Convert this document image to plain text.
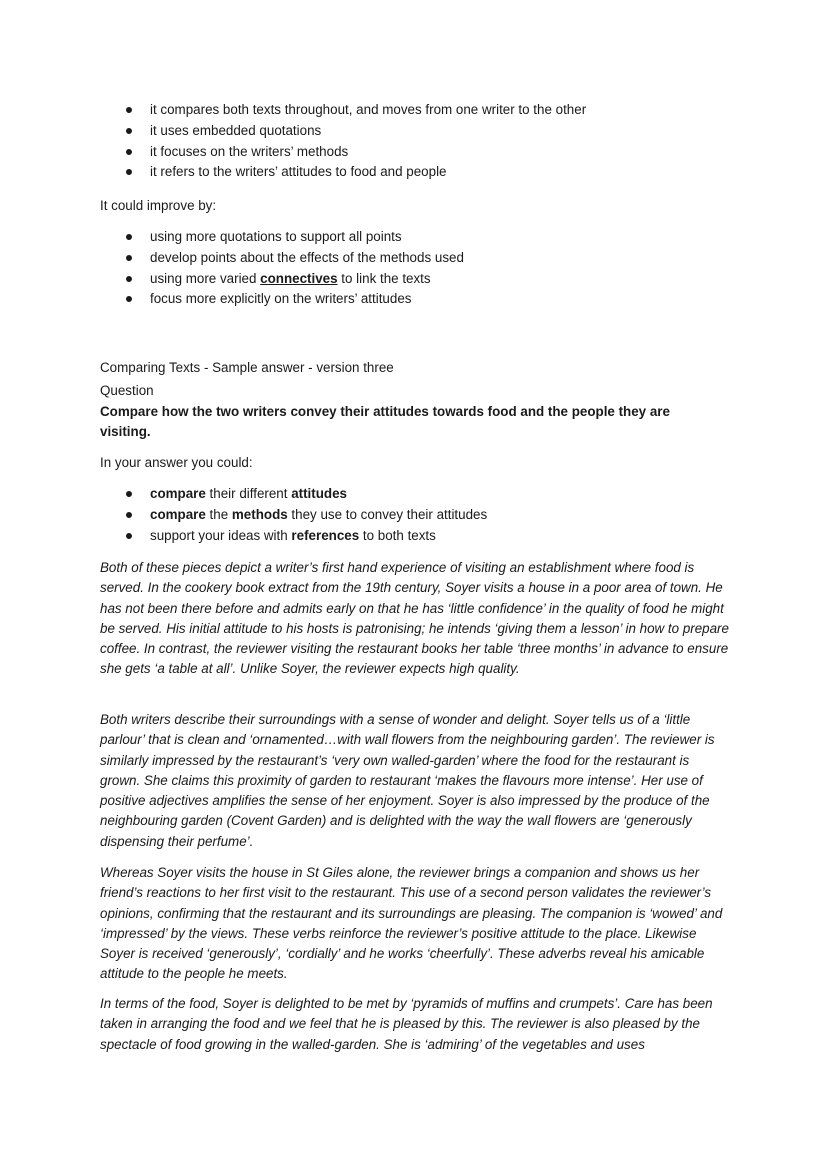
it compares both texts throughout, and moves from one writer to the other
it uses embedded quotations
it focuses on the writers’ methods
it refers to the writers’ attitudes to food and people
It could improve by:
using more quotations to support all points
develop points about the effects of the methods used
using more varied connectives to link the texts
focus more explicitly on the writers’ attitudes
Comparing Texts - Sample answer - version three
Question
Compare how the two writers convey their attitudes towards food and the people they are visiting.
In your answer you could:
compare their different attitudes
compare the methods they use to convey their attitudes
support your ideas with references to both texts

Both of these pieces depict a writer’s first hand experience of visiting an establishment where food is served. In the cookery book extract from the 19th century, Soyer visits a house in a poor area of town. He has not been there before and admits early on that he has ‘little confidence’ in the quality of food he might be served. His initial attitude to his hosts is patronising; he intends ‘giving them a lesson’ in how to prepare coffee. In contrast, the reviewer visiting the restaurant books her table ‘three months’ in advance to ensure she gets ‘a table at all’. Unlike Soyer, the reviewer expects high quality.

Both writers describe their surroundings with a sense of wonder and delight. Soyer tells us of a ‘little parlour’ that is clean and ‘ornamented…with wall flowers from the neighbouring garden’. The reviewer is similarly impressed by the restaurant’s ‘very own walled-garden’ where the food for the restaurant is grown. She claims this proximity of garden to restaurant ‘makes the flavours more intense’. Her use of positive adjectives amplifies the sense of her enjoyment. Soyer is also impressed by the produce of the neighbouring garden (Covent Garden) and is delighted with the way the wall flowers are ‘generously dispensing their perfume’.

Whereas Soyer visits the house in St Giles alone, the reviewer brings a companion and shows us her friend’s reactions to her first visit to the restaurant. This use of a second person validates the reviewer’s opinions, confirming that the restaurant and its surroundings are pleasing. The companion is ‘wowed’ and ‘impressed’ by the views. These verbs reinforce the reviewer’s positive attitude to the place. Likewise Soyer is received ‘generously’, ‘cordially’ and he works ‘cheerfully’. These adverbs reveal his amicable attitude to the people he meets.

In terms of the food, Soyer is delighted to be met by ‘pyramids of muffins and crumpets’. Care has been taken in arranging the food and we feel that he is pleased by this. The reviewer is also pleased by the spectacle of food growing in the walled-garden. She is ‘admiring’ of the vegetables and uses
